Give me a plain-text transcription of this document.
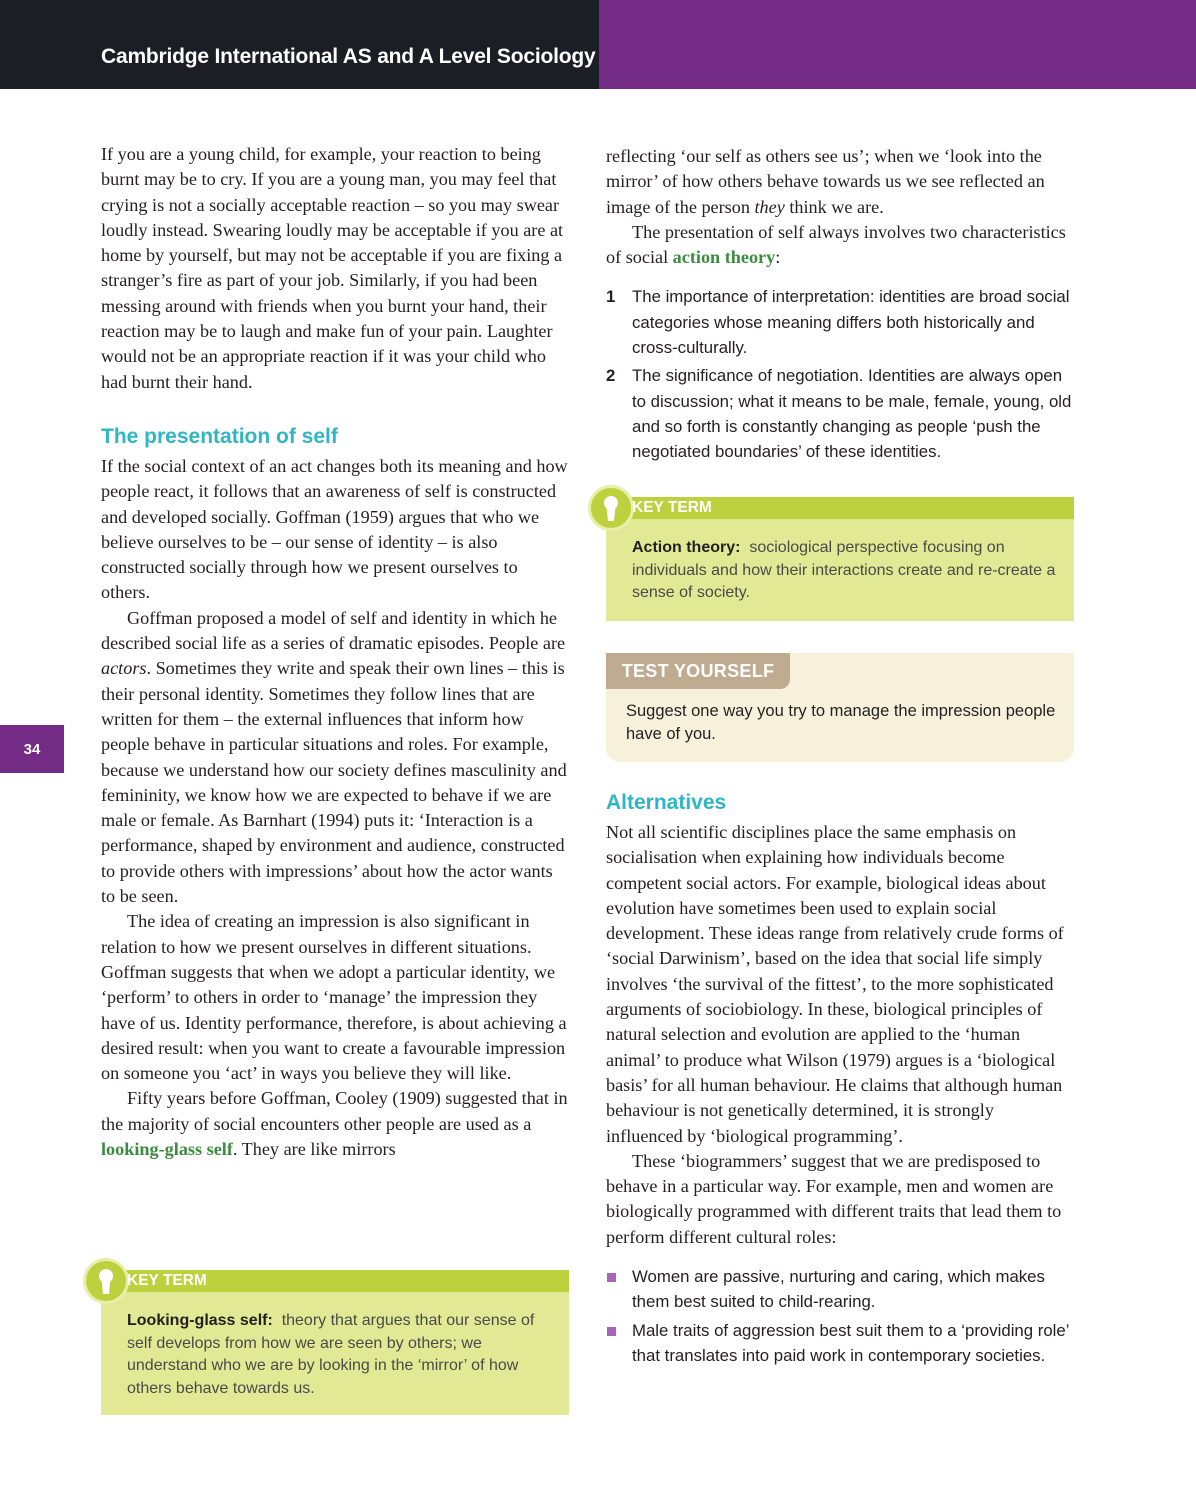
Cambridge International AS and A Level Sociology
34

If you are a young child, for example, your reaction to being burnt may be to cry. If you are a young man, you may feel that crying is not a socially acceptable reaction – so you may swear loudly instead. Swearing loudly may be acceptable if you are at home by yourself, but may not be acceptable if you are fixing a stranger’s fire as part of your job. Similarly, if you had been messing around with friends when you burnt your hand, their reaction may be to laugh and make fun of your pain. Laughter would not be an appropriate reaction if it was your child who had burnt their hand.

The presentation of self

If the social context of an act changes both its meaning and how people react, it follows that an awareness of self is constructed and developed socially. Goffman (1959) argues that who we believe ourselves to be – our sense of identity – is also constructed socially through how we present ourselves to others.

Goffman proposed a model of self and identity in which he described social life as a series of dramatic episodes. People are actors. Sometimes they write and speak their own lines – this is their personal identity. Sometimes they follow lines that are written for them – the external influences that inform how people behave in particular situations and roles. For example, because we understand how our society defines masculinity and femininity, we know how we are expected to behave if we are male or female. As Barnhart (1994) puts it: ‘Interaction is a performance, shaped by environment and audience, constructed to provide others with impressions’ about how the actor wants to be seen.

The idea of creating an impression is also significant in relation to how we present ourselves in different situations. Goffman suggests that when we adopt a particular identity, we ‘perform’ to others in order to ‘manage’ the impression they have of us. Identity performance, therefore, is about achieving a desired result: when you want to create a favourable impression on someone you ‘act’ in ways you believe they will like.

Fifty years before Goffman, Cooley (1909) suggested that in the majority of social encounters other people are used as a looking-glass self. They are like mirrors

KEY TERM
Looking-glass self: theory that argues that our sense of self develops from how we are seen by others; we understand who we are by looking in the ‘mirror’ of how others behave towards us.

reflecting ‘our self as others see us’; when we ‘look into the mirror’ of how others behave towards us we see reflected an image of the person they think we are.

The presentation of self always involves two characteristics of social action theory:

1 The importance of interpretation: identities are broad social categories whose meaning differs both historically and cross-culturally.
2 The significance of negotiation. Identities are always open to discussion; what it means to be male, female, young, old and so forth is constantly changing as people ‘push the negotiated boundaries’ of these identities.
KEY TERM
Action theory: sociological perspective focusing on individuals and how their interactions create and re-create a sense of society.
TEST YOURSELF
Suggest one way you try to manage the impression people have of you.
Alternatives

Not all scientific disciplines place the same emphasis on socialisation when explaining how individuals become competent social actors. For example, biological ideas about evolution have sometimes been used to explain social development. These ideas range from relatively crude forms of ‘social Darwinism’, based on the idea that social life simply involves ‘the survival of the fittest’, to the more sophisticated arguments of sociobiology. In these, biological principles of natural selection and evolution are applied to the ‘human animal’ to produce what Wilson (1979) argues is a ‘biological basis’ for all human behaviour. He claims that although human behaviour is not genetically determined, it is strongly influenced by ‘biological programming’.

These ‘biogrammers’ suggest that we are predisposed to behave in a particular way. For example, men and women are biologically programmed with different traits that lead them to perform different cultural roles:

Women are passive, nurturing and caring, which makes them best suited to child-rearing.
Male traits of aggression best suit them to a ‘providing role’ that translates into paid work in contemporary societies.
